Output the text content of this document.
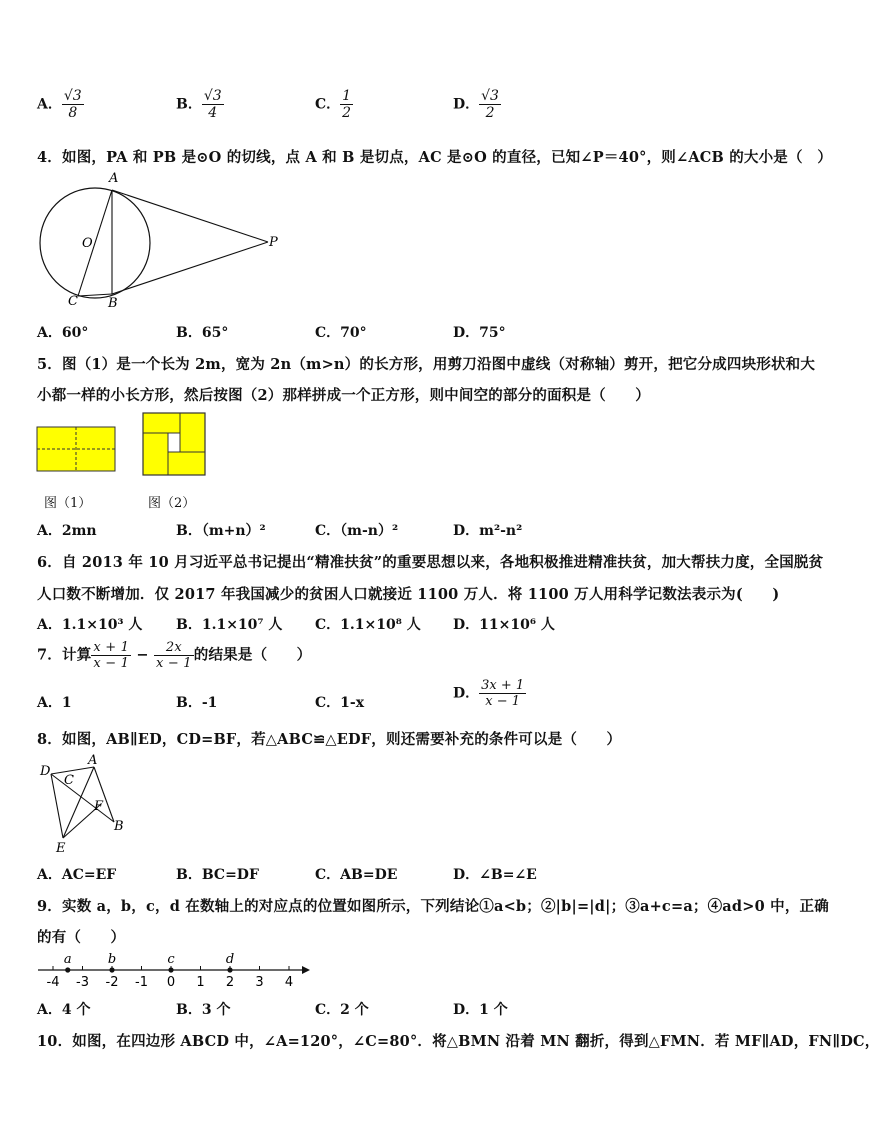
A． $\frac{√3}{8}$	B． $\frac{√3}{4}$	C． $\frac{1}{2}$	D． $\frac{√3}{2}$
4．如图，PA 和 PB 是⊙O 的切线，点 A 和 B 是切点，AC 是⊙O 的直径，已知∠P＝40°，则∠ACB 的大小是（　）
A
O	P
C B
A．60°	B．65°	C．70°	D．75°
5．图（1）是一个长为 2m，宽为 2n（m>n）的长方形，用剪刀沿图中虚线（对称轴）剪开，把它分成四块形状和大
小都一样的小长方形，然后按图（2）那样拼成一个正方形，则中间空的部分的面积是（　　）
图（1）	图（2）
A．2mn	B．（m+n）²	C．（m-n）²	D．m²-n²
6．自 2013 年 10 月习近平总书记提出“精准扶贫”的重要思想以来，各地积极推进精准扶贫，加大帮扶力度，全国脱贫
人口数不断增加．仅 2017 年我国减少的贫困人口就接近 1100 万人．将 1100 万人用科学记数法表示为(　　)
A．1.1×10³ 人 B．1.1×10⁷ 人 C．1.1×10⁸ 人 D．11×10⁶ 人
7．计算 $\frac{x + 1}{x - 1} - \frac{2x}{x - 1}$ 的结果是（　　）
A．1	B．-1	C．1-x
D． $\frac{3x + 1}{x - 1}$
8．如图，AB∥ED，CD=BF，若△ABC≌△EDF，则还需要补充的条件可以是（　　）
D
A
C
F
B
E
A．AC=EF	B．BC=DF	C．AB=DE	D．∠B=∠E
9．实数 a，b，c，d 在数轴上的对应点的位置如图所示，下列结论①a<b；②|b|=|d|；③a+c=a；④ad>0 中，正确
的有（　　）
-4 -3 -2 -1 0 1 2 3 4
a	b	c	d
A．4 个	B．3 个	C．2 个	D．1 个
10．如图，在四边形 ABCD 中，∠A=120°，∠C=80°．将△BMN 沿着 MN 翻折，得到△FMN．若 MF∥AD，FN∥DC，
